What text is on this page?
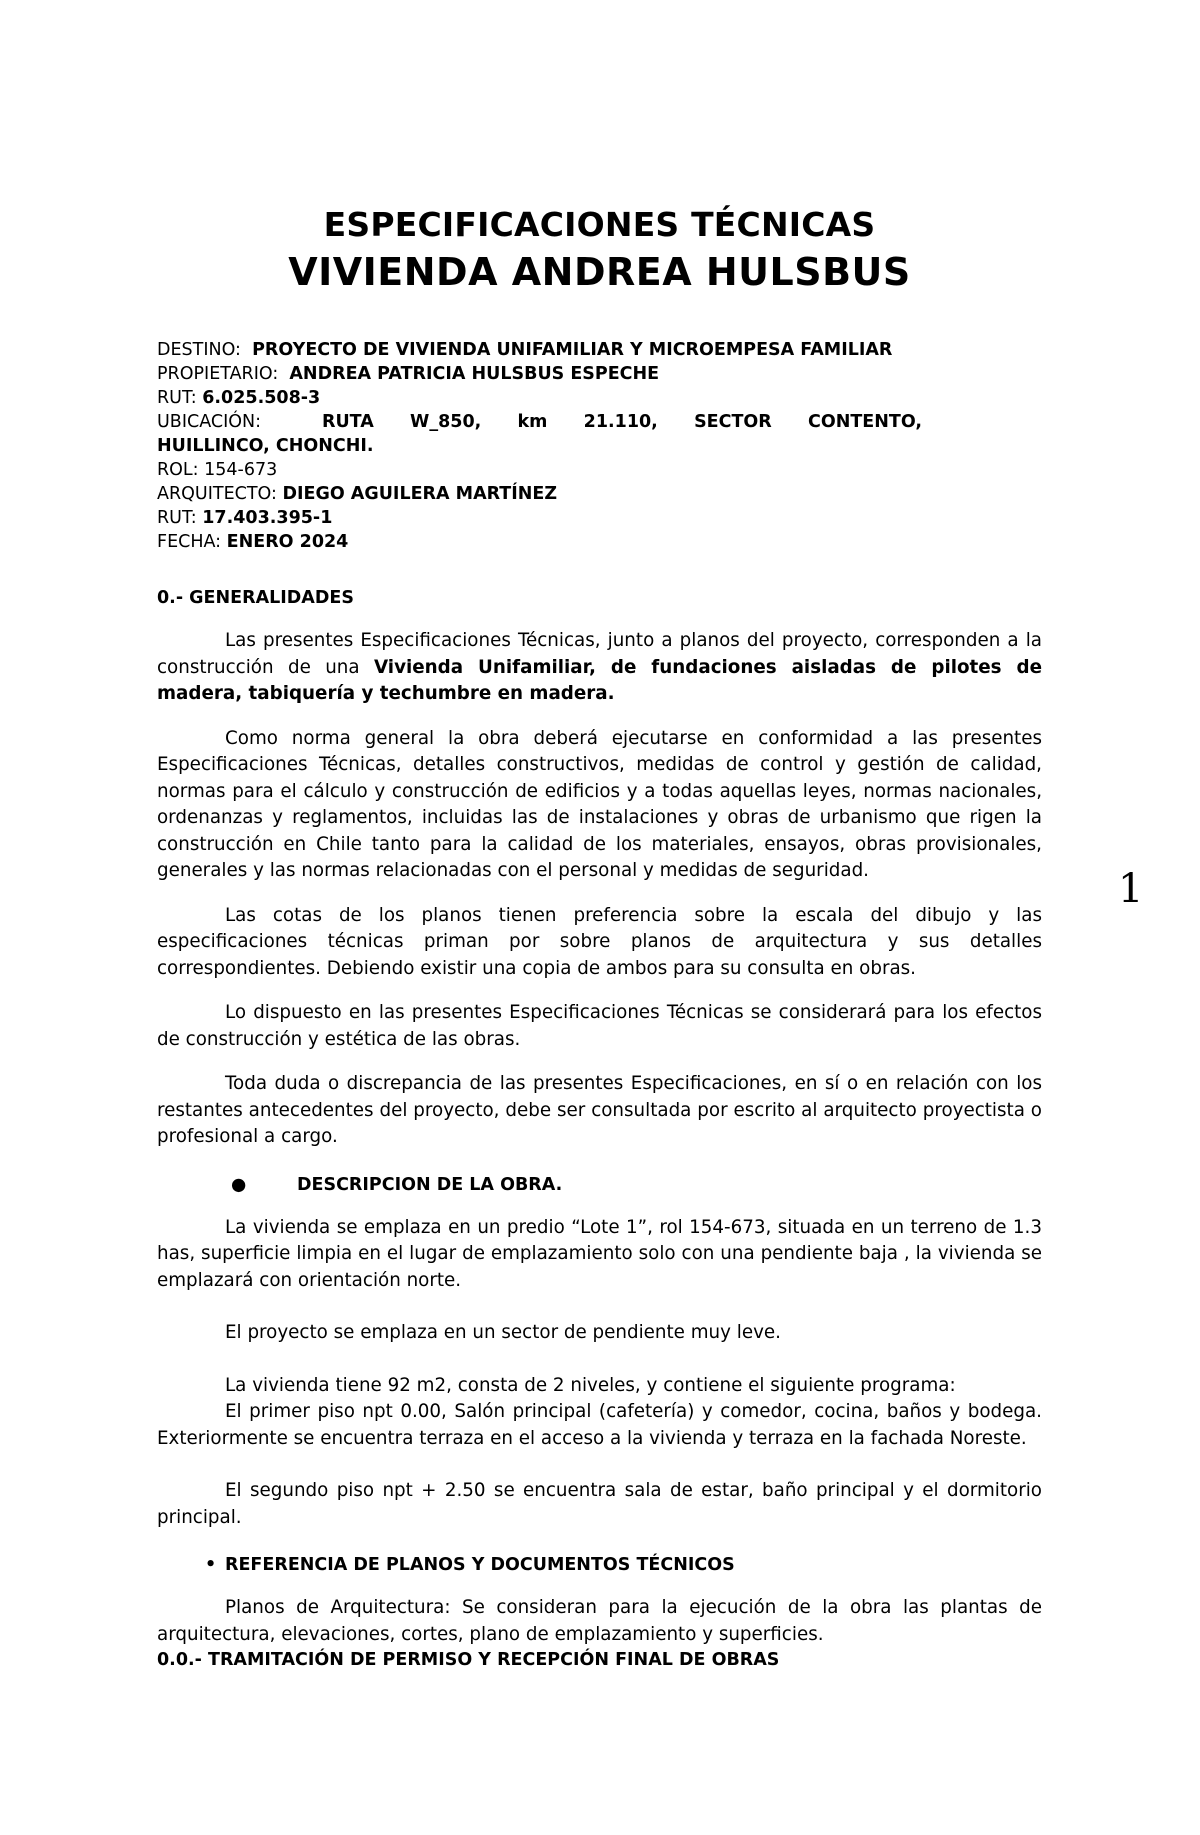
ESPECIFICACIONES TÉCNICAS
VIVIENDA ANDREA HULSBUS
DESTINO: PROYECTO DE VIVIENDA UNIFAMILIAR Y MICROEMPESA FAMILIAR
PROPIETARIO: ANDREA PATRICIA HULSBUS ESPECHE
RUT: 6.025.508-3
UBICACIÓN:	RUTA W_850, km 21.110, SECTOR CONTENTO,
HUILLINCO, CHONCHI.
ROL: 154-673
ARQUITECTO: DIEGO AGUILERA MARTÍNEZ
RUT: 17.403.395-1
FECHA: ENERO 2024
0.- GENERALIDADES

Las presentes Especificaciones Técnicas, junto a planos del proyecto, corresponden a la construcción de una Vivienda Unifamiliar, de fundaciones aisladas de pilotes de madera, tabiquería y techumbre en madera.

Como norma general la obra deberá ejecutarse en conformidad a las presentes Especificaciones Técnicas, detalles constructivos, medidas de control y gestión de calidad, normas para el cálculo y construcción de edificios y a todas aquellas leyes, normas nacionales, ordenanzas y reglamentos, incluidas las de instalaciones y obras de urbanismo que rigen la construcción en Chile tanto para la calidad de los materiales, ensayos, obras provisionales, generales y las normas relacionadas con el personal y medidas de seguridad.

Las cotas de los planos tienen preferencia sobre la escala del dibujo y las especificaciones técnicas priman por sobre planos de arquitectura y sus detalles correspondientes. Debiendo existir una copia de ambos para su consulta en obras.

Lo dispuesto en las presentes Especificaciones Técnicas se considerará para los efectos de construcción y estética de las obras.

Toda duda o discrepancia de las presentes Especificaciones, en sí o en relación con los restantes antecedentes del proyecto, debe ser consultada por escrito al arquitecto proyectista o profesional a cargo.

●	DESCRIPCION DE LA OBRA.

La vivienda se emplaza en un predio “Lote 1”, rol 154-673, situada en un terreno de 1.3 has, superficie limpia en el lugar de emplazamiento solo con una pendiente baja , la vivienda se emplazará con orientación norte.

El proyecto se emplaza en un sector de pendiente muy leve.

La vivienda tiene 92 m2, consta de 2 niveles, y contiene el siguiente programa:

El primer piso npt 0.00, Salón principal (cafetería) y comedor, cocina, baños y bodega. Exteriormente se encuentra terraza en el acceso a la vivienda y terraza en la fachada Noreste.

El segundo piso npt + 2.50 se encuentra sala de estar, baño principal y el dormitorio principal.

• REFERENCIA DE PLANOS Y DOCUMENTOS TÉCNICOS

Planos de Arquitectura: Se consideran para la ejecución de la obra las plantas de arquitectura, elevaciones, cortes, plano de emplazamiento y superficies.

0.0.- TRAMITACIÓN DE PERMISO Y RECEPCIÓN FINAL DE OBRAS
1
